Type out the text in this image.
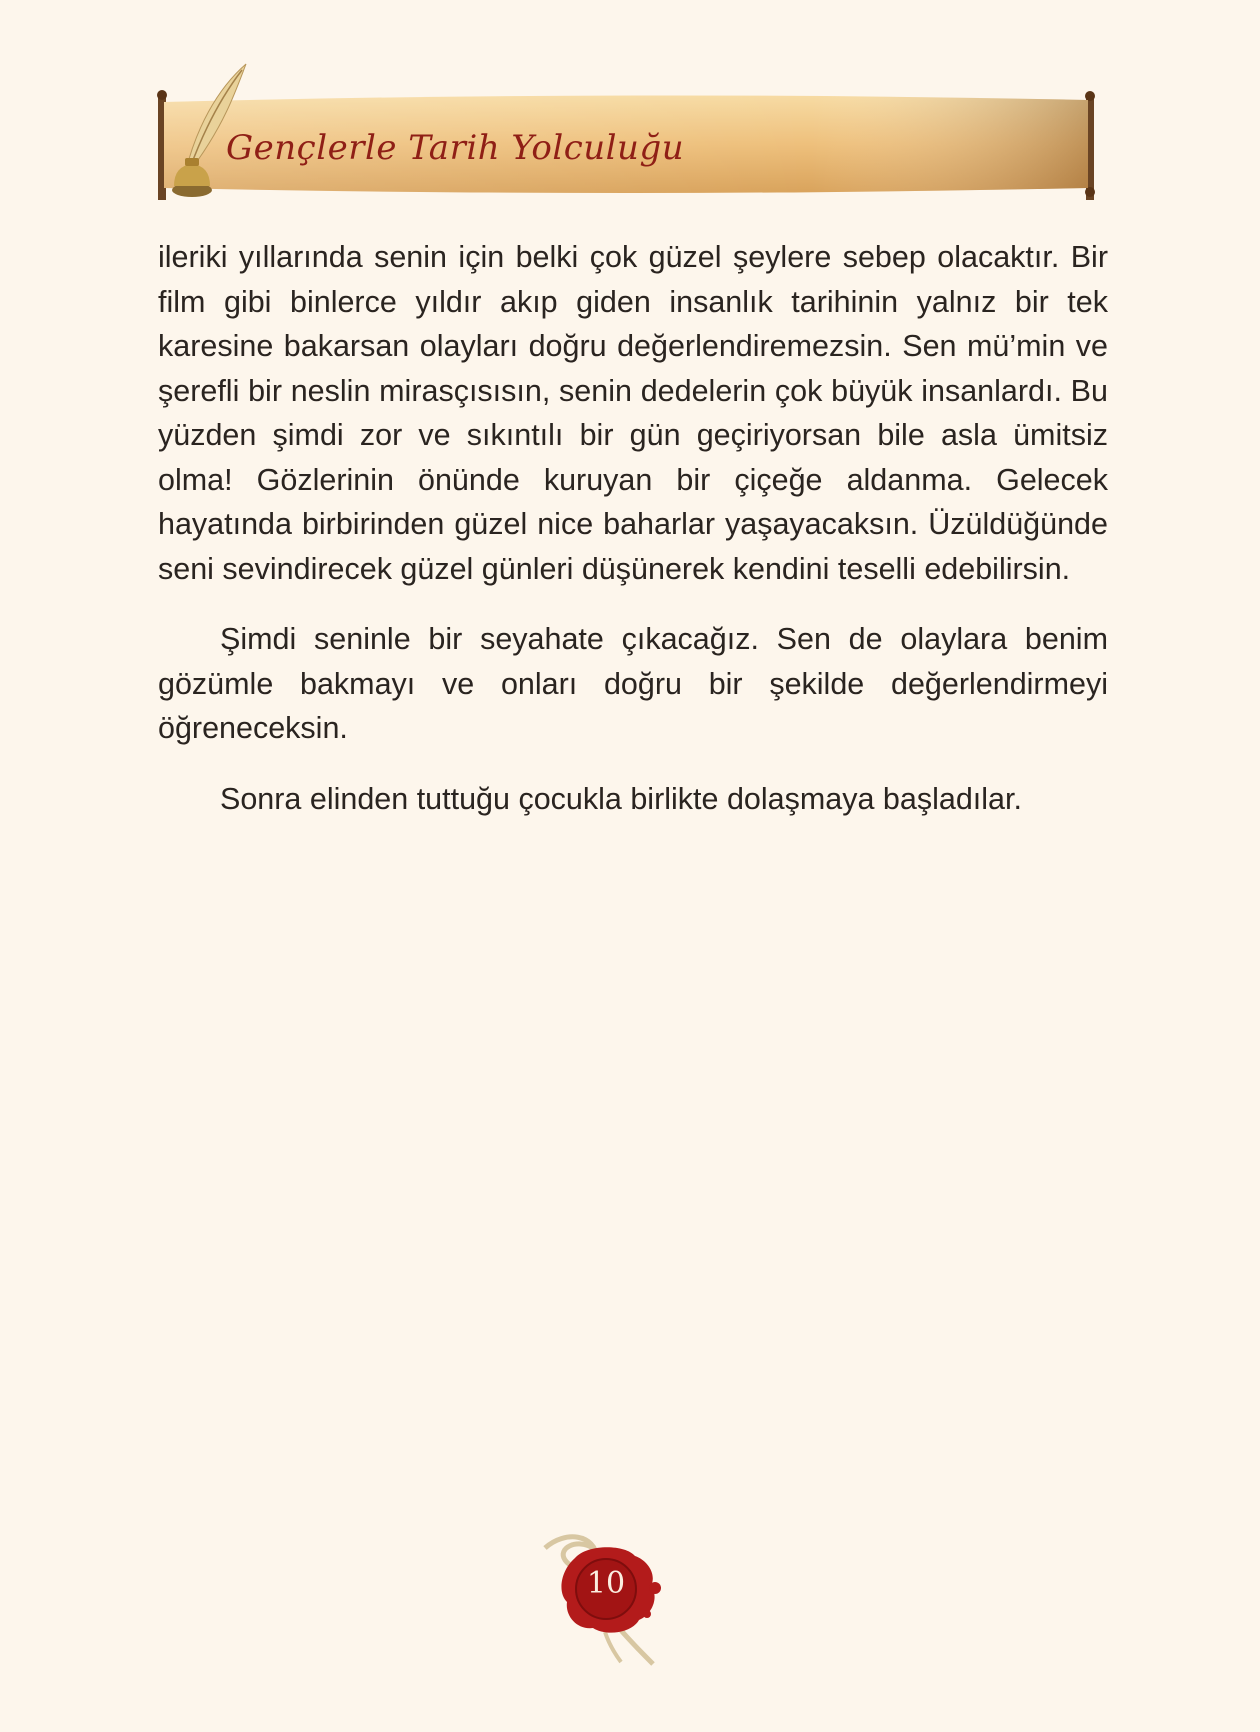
Gençlerle Tarih Yolculuğu

ileriki yıllarında senin için belki çok güzel şeylere sebep olacaktır. Bir film gibi binlerce yıldır akıp giden insanlık tarihinin yalnız bir tek karesine bakarsan olayları doğru değerlendiremezsin. Sen mü’min ve şerefli bir neslin mirasçısısın, senin dedelerin çok büyük insanlardı. Bu yüzden şimdi zor ve sıkıntılı bir gün geçiriyorsan bile asla ümitsiz olma! Gözlerinin önünde kuruyan bir çiçeğe aldanma. Gelecek hayatında birbirinden güzel nice baharlar yaşayacaksın. Üzüldüğünde seni sevindirecek güzel günleri düşünerek kendini teselli edebilirsin.

Şimdi seninle bir seyahate çıkacağız. Sen de olaylara benim gözümle bakmayı ve onları doğru bir şekilde değerlendirmeyi öğreneceksin.

Sonra elinden tuttuğu çocukla birlikte dolaşmaya başladılar.

10
